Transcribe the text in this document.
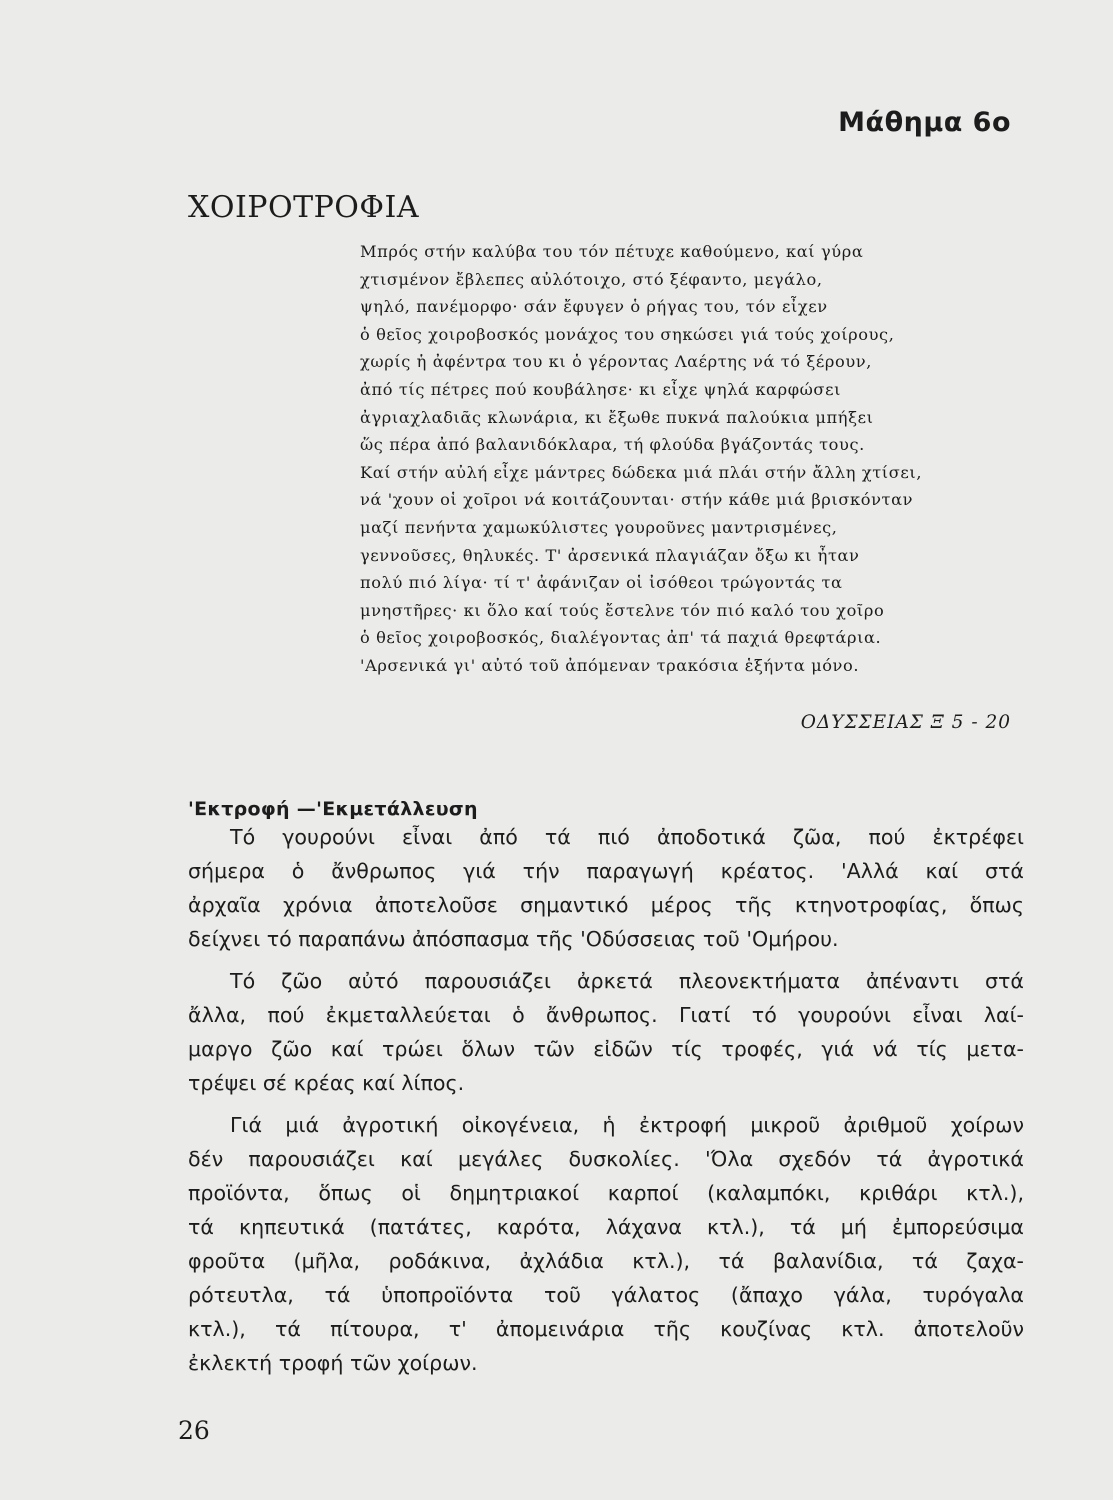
Μάθημα 6ο
ΧΟΙΡΟΤΡΟΦΙΑ
Μπρός στήν καλύβα του τόν πέτυχε καθούμενο, καί γύρα
χτισμένον ἔβλεπες αὐλότοιχο, στό ξέφαντο, μεγάλο,
ψηλό, πανέμορφο· σάν ἔφυγεν ὁ ρήγας του, τόν εἶχεν
ὁ θεῖος χοιροβοσκός μονάχος του σηκώσει γιά τούς χοίρους,
χωρίς ἡ ἀφέντρα του κι ὁ γέροντας Λαέρτης νά τό ξέρουν,
ἀπό τίς πέτρες πού κουβάλησε· κι εἶχε ψηλά καρφώσει
ἀγριαχλαδιᾶς κλωνάρια, κι ἔξωθε πυκνά παλούκια μπήξει
ὥς πέρα ἀπό βαλανιδόκλαρα, τή φλούδα βγάζοντάς τους.
Καί στήν αὐλή εἶχε μάντρες δώδεκα μιά πλάι στήν ἄλλη χτίσει,
νά 'χουν οἱ χοῖροι νά κοιτάζουνται· στήν κάθε μιά βρισκόνταν
μαζί πενήντα χαμωκύλιστες γουροῦνες μαντρισμένες,
γεννοῦσες, θηλυκές. Τ' ἀρσενικά πλαγιάζαν ὄξω κι ἦταν
πολύ πιό λίγα· τί τ' ἀφάνιζαν οἱ ἰσόθεοι τρώγοντάς τα
μνηστῆρες· κι ὅλο καί τούς ἔστελνε τόν πιό καλό του χοῖρο
ὁ θεῖος χοιροβοσκός, διαλέγοντας ἀπ' τά παχιά θρεφτάρια.
'Αρσενικά γι' αὐτό τοῦ ἀπόμεναν τρακόσια ἑξήντα μόνο.
ΟΔΥΣΣΕΙΑΣ Ξ 5 - 20
'Εκτροφή —'Εκμετάλλευση

Τό γουρούνι εἶναι ἀπό τά πιό ἀποδοτικά ζῶα, πού ἐκτρέφει
σήμερα ὁ ἄνθρωπος γιά τήν παραγωγή κρέατος. 'Αλλά καί στά
ἀρχαῖα χρόνια ἀποτελοῦσε σημαντικό μέρος τῆς κτηνοτροφίας, ὅπως
δείχνει τό παραπάνω ἀπόσπασμα τῆς 'Οδύσσειας τοῦ 'Ομήρου.

Τό ζῶο αὐτό παρουσιάζει ἀρκετά πλεονεκτήματα ἀπέναντι στά
ἄλλα, πού ἐκμεταλλεύεται ὁ ἄνθρωπος. Γιατί τό γουρούνι εἶναι λαί-
μαργο ζῶο καί τρώει ὅλων τῶν εἰδῶν τίς τροφές, γιά νά τίς μετα-
τρέψει σέ κρέας καί λίπος.

Γιά μιά ἀγροτική οἰκογένεια, ἡ ἐκτροφή μικροῦ ἀριθμοῦ χοίρων
δέν παρουσιάζει καί μεγάλες δυσκολίες. 'Όλα σχεδόν τά ἀγροτικά
προϊόντα, ὅπως οἱ δημητριακοί καρποί (καλαμπόκι, κριθάρι κτλ.),
τά κηπευτικά (πατάτες, καρότα, λάχανα κτλ.), τά μή ἐμπορεύσιμα
φροῦτα (μῆλα, ροδάκινα, ἀχλάδια κτλ.), τά βαλανίδια, τά ζαχα-
ρότευτλα, τά ὑποπροϊόντα τοῦ γάλατος (ἄπαχο γάλα, τυρόγαλα
κτλ.), τά πίτουρα, τ' ἀπομεινάρια τῆς κουζίνας κτλ. ἀποτελοῦν
ἐκλεκτή τροφή τῶν χοίρων.

26
